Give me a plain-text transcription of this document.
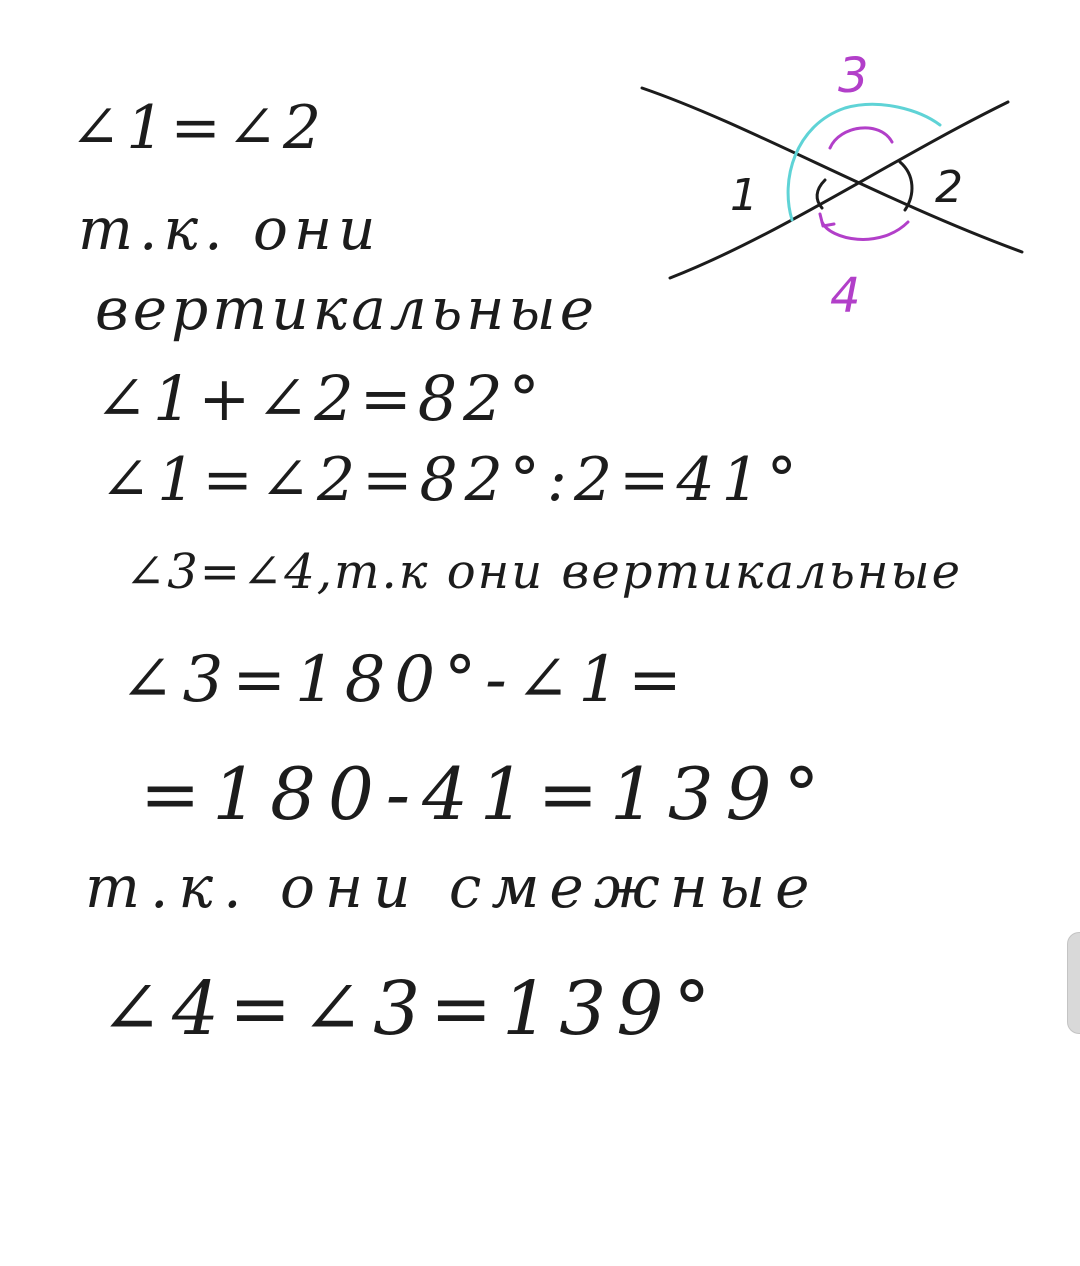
∠1=∠2
т.к. они
вертикальные
∠1+∠2=82°
∠1=∠2=82°:2=41°
∠3=∠4,т.к они вертикальные
∠3=180°-∠1=
=180-41=139°
т.к. они смежные
∠4=∠3=139°
1	2
3
4
